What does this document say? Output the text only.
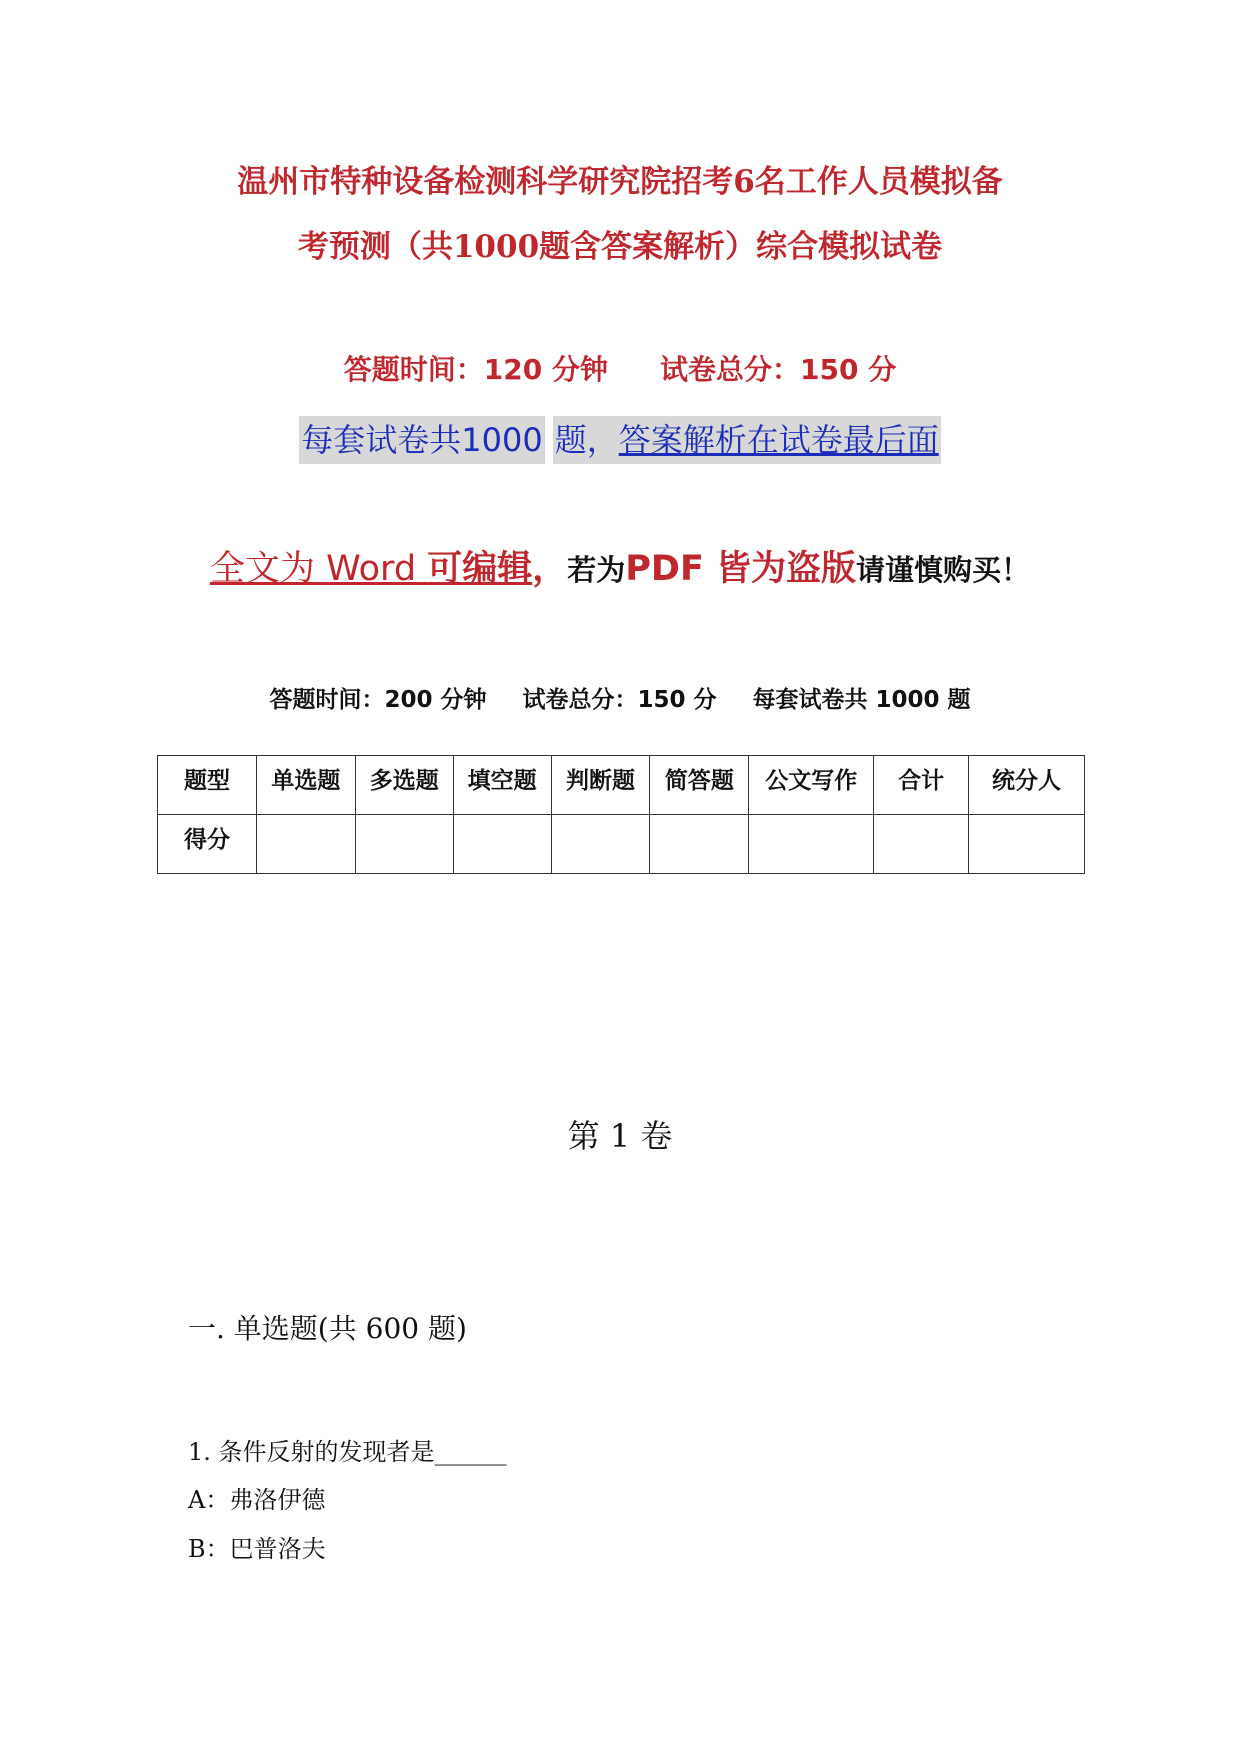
温州市特种设备检测科学研究院招考6名工作人员模拟备
考预测（共1000题含答案解析）综合模拟试卷
答题时间：120 分钟 试卷总分：150 分
每套试卷共1000 题，答案解析在试卷最后面
全文为 Word 可编辑，若为PDF 皆为盗版请谨慎购买！
答题时间：200 分钟 试卷总分：150 分 每套试卷共 1000 题
题型	单选题	多选题	填空题	判断题	简答题	公文写作	合计	统分人
得分								
第 1 卷
一. 单选题(共 600 题)
1. 条件反射的发现者是______
A：弗洛伊德
B：巴普洛夫
